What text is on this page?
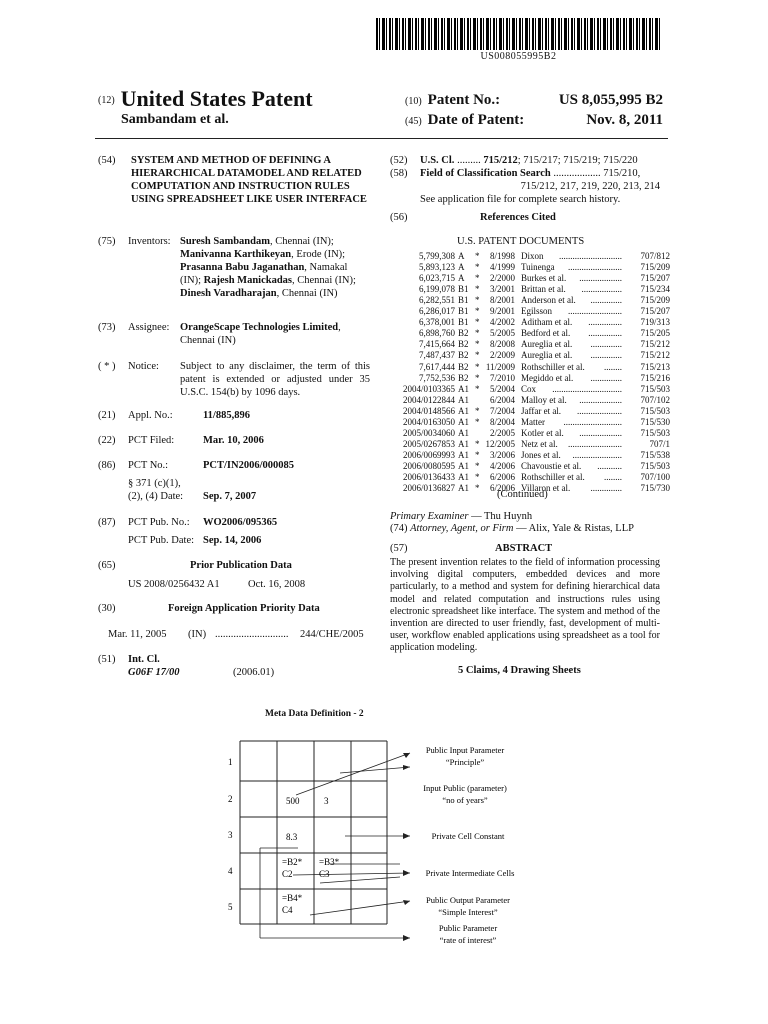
US008055995B2
(12) United States Patent
Sambandam et al.
(10) Patent No.:	US 8,055,995 B2
(45) Date of Patent:	Nov. 8, 2011
(54) SYSTEM AND METHOD OF DEFINING A HIERARCHICAL DATAMODEL AND RELATED COMPUTATION AND INSTRUCTION RULES USING SPREADSHEET LIKE USER INTERFACE
(75) Inventors: Suresh Sambandam, Chennai (IN); Manivanna Karthikeyan, Erode (IN); Prasanna Babu Jaganathan, Namakal (IN); Rajesh Manickadas, Chennai (IN); Dinesh Varadharajan, Chennai (IN)
(73) Assignee: OrangeScape Technologies Limited, Chennai (IN)
( * ) Notice: Subject to any disclaimer, the term of this patent is extended or adjusted under 35 U.S.C. 154(b) by 1096 days.
(21) Appl. No.:	11/885,896
(22) PCT Filed:	Mar. 10, 2006
(86) PCT No.:	PCT/IN2006/000085
§ 371 (c)(1),
(2), (4) Date: Sep. 7, 2007
(87) PCT Pub. No.: WO2006/095365
PCT Pub. Date: Sep. 14, 2006
(65)	Prior Publication Data
US 2008/0256432 A1	Oct. 16, 2008
(30)	Foreign Application Priority Data
Mar. 11, 2005 (IN) ............................ 244/CHE/2005
(51) Int. Cl.
G06F 17/00	(2006.01)
(52) U.S. Cl. ......... 715/212; 715/217; 715/219; 715/220
(58) Field of Classification Search .................. 715/210,
715/212, 217, 219, 220, 213, 214
See application file for complete search history.
(56)	References Cited
U.S. PATENT DOCUMENTS
5,799,308 A	*	8/1998 Dixon	............................	707/812
5,893,123 A	*	4/1999 Tuinenga	........................	715/209
6,023,715 A	*	2/2000 Burkes et al.	...................	715/207
6,199,078 B1 *	3/2001 Brittan et al.	..................	715/234
6,282,551 B1 *	8/2001 Anderson et al.	..............	715/209
6,286,017 B1 *	9/2001 Egilsson	........................	715/207
6,378,001 B1 *	4/2002 Aditham et al.	...............	719/313
6,898,760 B2 *	5/2005 Bedford et al.	...............	715/205
7,415,664 B2 *	8/2008 Aureglia et al.	..............	715/212
7,487,437 B2 *	2/2009 Aureglia et al.	..............	715/212
7,617,444 B2 * 11/2009 Rothschiller et al.	........	715/213
7,752,536 B2 *	7/2010 Megiddo et al.	..............	715/216
2004/0103365 A1 *	5/2004 Cox	...............................	715/503
2004/0122844 A1	6/2004 Malloy et al.	...................	707/102
2004/0148566 A1 *	7/2004 Jaffar et al.	....................	715/503
2004/0163050 A1 *	8/2004 Matter	..........................	715/530
2005/0034060 A1	2/2005 Kotler et al.	...................	715/503
2005/0267853 A1 * 12/2005 Netz et al.	........................	707/1
2006/0069993 A1 *	3/2006 Jones et al.	......................	715/538
2006/0080595 A1 *	4/2006 Chavoustie et al.	...........	715/503
2006/0136433 A1 *	6/2006 Rothschiller et al.	........	707/100
2006/0136827 A1 *	6/2006 Villaron et al.	..............	715/730
(Continued)
Primary Examiner — Thu Huynh
(74) Attorney, Agent, or Firm — Alix, Yale & Ristas, LLP
(57)	ABSTRACT
The present invention relates to the field of information processing involving digital computers, embedded devices and more particularly, to a method and system for defining hierarchical data model and related computation and instructions rules using electronic spreadsheet like interface. The system and method of the invention are directed to user friendly, fast, development of multi-user, workflow enabled applications using spreadsheet as a tool for application modeling.
5 Claims, 4 Drawing Sheets
Meta Data Definition - 2
1
2
3
4
5
500	3
8.3
=B2*
C2
=B3*
C3
=B4*
C4
Public Input Parameter
“Principle”
Input Public (parameter)
“no of years”
Private Cell Constant
Private Intermediate Cells
Public Output Parameter
“Simple Interest”
Public Parameter
“rate of interest”
